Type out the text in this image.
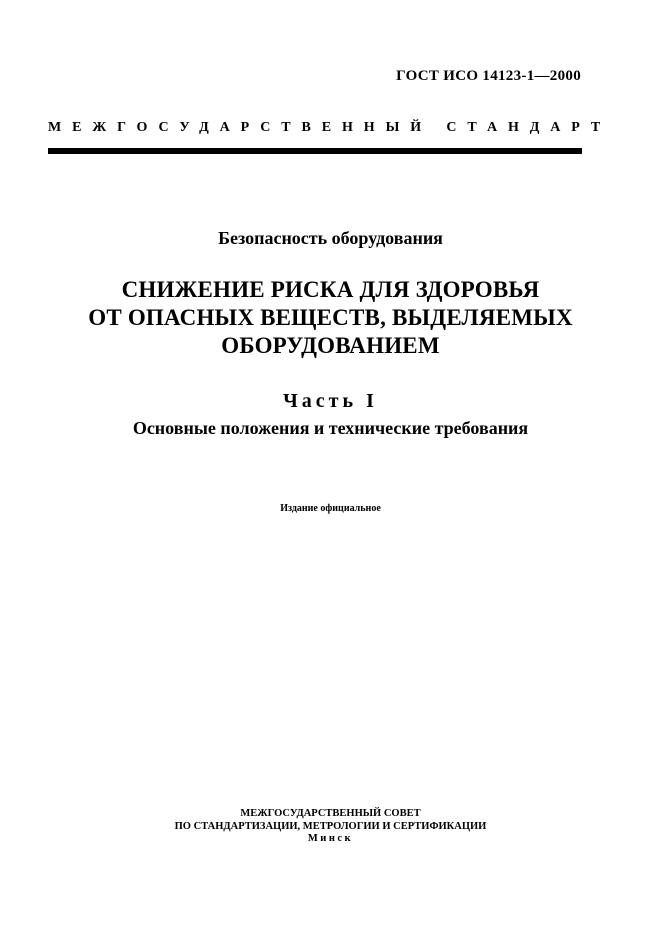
ГОСТ ИСО 14123-1—2000
МЕЖГОСУДАРСТВЕННЫЙ СТАНДАРТ
Безопасность оборудования
СНИЖЕНИЕ РИСКА ДЛЯ ЗДОРОВЬЯ
ОТ ОПАСНЫХ ВЕЩЕСТВ, ВЫДЕЛЯЕМЫХ
ОБОРУДОВАНИЕМ
Часть I
Основные положения и технические требования
Издание официальное
МЕЖГОСУДАРСТВЕННЫЙ СОВЕТ
ПО СТАНДАРТИЗАЦИИ, МЕТРОЛОГИИ И СЕРТИФИКАЦИИ
Минск
